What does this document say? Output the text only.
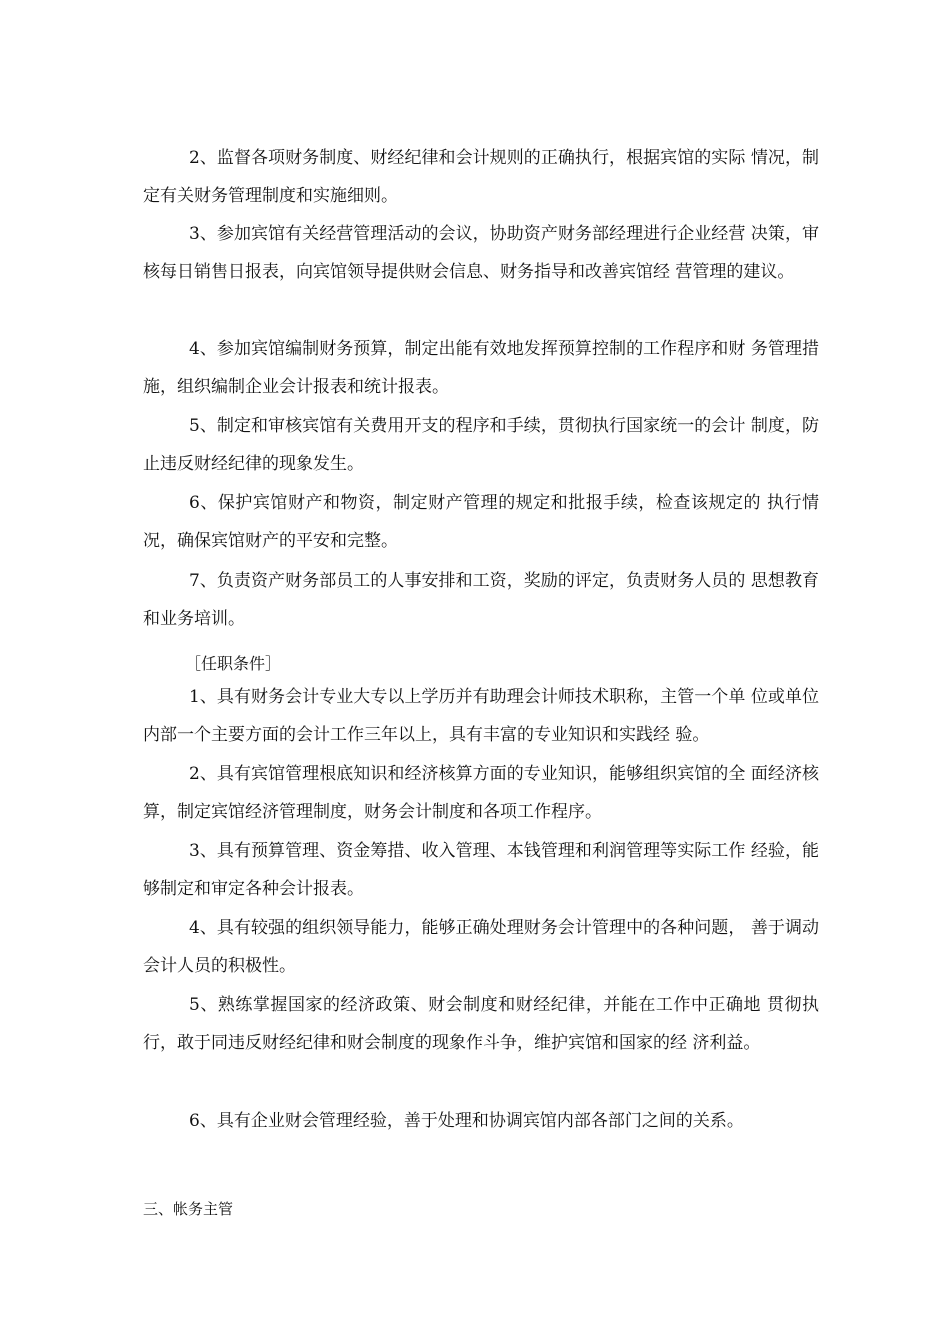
2、监督各项财务制度、财经纪律和会计规则的正确执行，根据宾馆的实际 情况，制定有关财务管理制度和实施细则。

3、参加宾馆有关经营管理活动的会议，协助资产财务部经理进行企业经营 决策，审核每日销售日报表，向宾馆领导提供财会信息、财务指导和改善宾馆经 营管理的建议。

4、参加宾馆编制财务预算，制定出能有效地发挥预算控制的工作程序和财 务管理措施，组织编制企业会计报表和统计报表。

5、制定和审核宾馆有关费用开支的程序和手续，贯彻执行国家统一的会计 制度，防止违反财经纪律的现象发生。

6、保护宾馆财产和物资，制定财产管理的规定和批报手续，检查该规定的 执行情况，确保宾馆财产的平安和完整。

7、负责资产财务部员工的人事安排和工资，奖励的评定，负责财务人员的 思想教育和业务培训。

［任职条件］

1、具有财务会计专业大专以上学历并有助理会计师技术职称，主管一个单 位或单位内部一个主要方面的会计工作三年以上，具有丰富的专业知识和实践经 验。

2、具有宾馆管理根底知识和经济核算方面的专业知识，能够组织宾馆的全 面经济核算，制定宾馆经济管理制度，财务会计制度和各项工作程序。

3、具有预算管理、资金筹措、收入管理、本钱管理和利润管理等实际工作 经验，能够制定和审定各种会计报表。

4、具有较强的组织领导能力，能够正确处理财务会计管理中的各种问题， 善于调动会计人员的积极性。

5、熟练掌握国家的经济政策、财会制度和财经纪律，并能在工作中正确地 贯彻执行，敢于同违反财经纪律和财会制度的现象作斗争，维护宾馆和国家的经 济利益。

6、具有企业财会管理经验，善于处理和协调宾馆内部各部门之间的关系。

三、帐务主管
